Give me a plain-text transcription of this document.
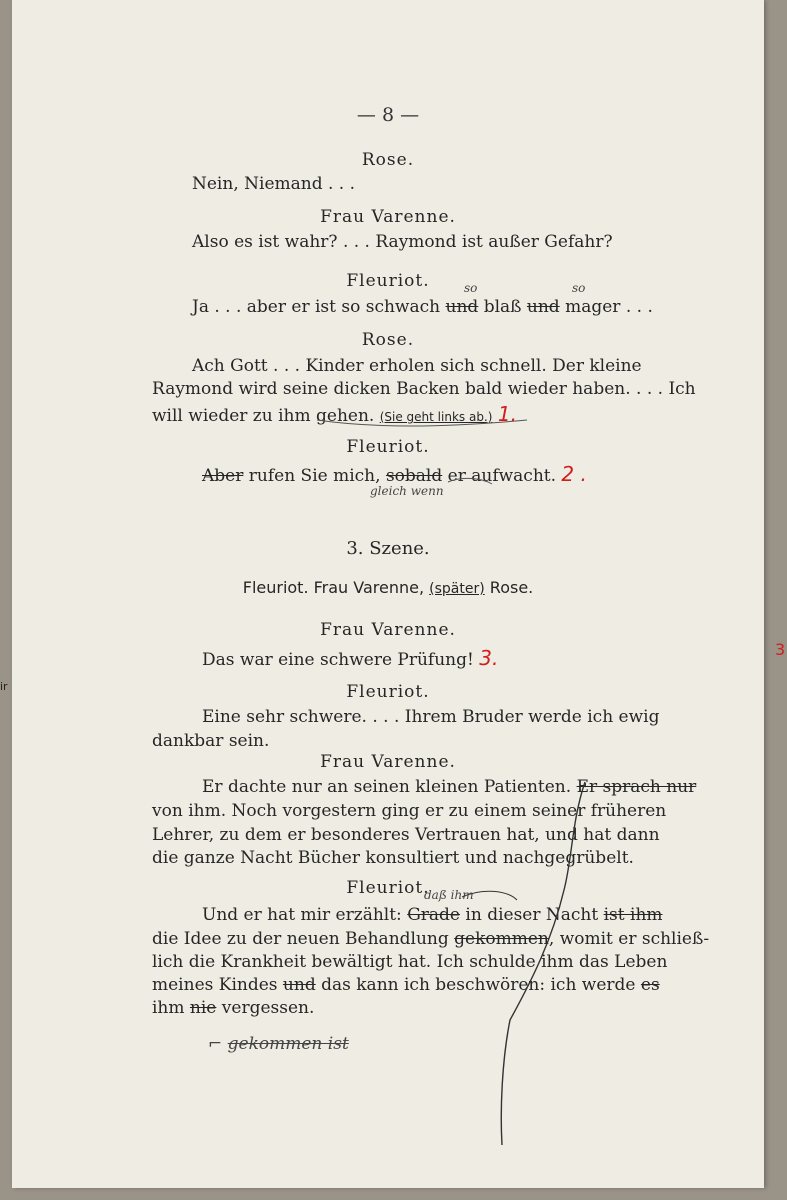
— 8 —
Rose.
Nein, Niemand . . .
Frau Varenne.
Also es ist wahr? . . . Raymond ist außer Gefahr?
Fleuriot.	so	so
Ja . . . aber er ist so schwach und blaß und mager . . .
Rose.
Ach Gott . . . Kinder erholen sich schnell. Der kleine
Raymond wird seine dicken Backen bald wieder haben. . . . Ich
will wieder zu ihm gehen. (Sie geht links ab.) 1.
Fleuriot.
Aber rufen Sie mich, sobald er aufwacht. 2 .
gleich wenn
3. Szene.
Fleuriot. Frau Varenne, (später) Rose.
Frau Varenne.
Das war eine schwere Prüfung! 3.
Fleuriot.
Eine sehr schwere. . . . Ihrem Bruder werde ich ewig
dankbar sein.
Frau Varenne.
Er dachte nur an seinen kleinen Patienten. Er sprach nur
von ihm. Noch vorgestern ging er zu einem seiner früheren
Lehrer, zu dem er besonderes Vertrauen hat, und hat dann
die ganze Nacht Bücher konsultiert und nachgegrübelt.
Fleuriot.
daß ihm
Und er hat mir erzählt: Grade in dieser Nacht ist ihm
die Idee zu der neuen Behandlung gekommen, womit er schließ-
lich die Krankheit bewältigt hat. Ich schulde ihm das Leben
meines Kindes und das kann ich beschwören: ich werde es
ihm nie vergessen.
⌐ gekommen ist
ir
3
